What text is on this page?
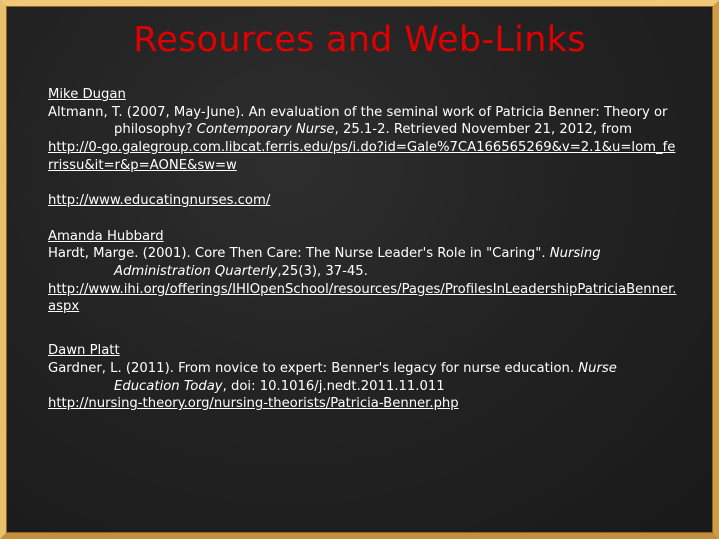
Resources and Web-Links

Mike Dugan

Altmann, T. (2007, May-June). An evaluation of the seminal work of Patricia Benner: Theory or philosophy? Contemporary Nurse, 25.1-2. Retrieved November 21, 2012, from

http://0-go.galegroup.com.libcat.ferris.edu/ps/i.do?id=Gale%7CA166565269&v=2.1&u=lom_ferrissu&it=r&p=AONE&sw=w

http://www.educatingnurses.com/

Amanda Hubbard

Hardt, Marge. (2001). Core Then Care: The Nurse Leader's Role in "Caring". Nursing Administration Quarterly,25(3), 37-45.

http://www.ihi.org/offerings/IHIOpenSchool/resources/Pages/ProfilesInLeadershipPatriciaBenner.aspx

Dawn Platt

Gardner, L. (2011). From novice to expert: Benner's legacy for nurse education. Nurse Education Today, doi: 10.1016/j.nedt.2011.11.011

http://nursing-theory.org/nursing-theorists/Patricia-Benner.php
